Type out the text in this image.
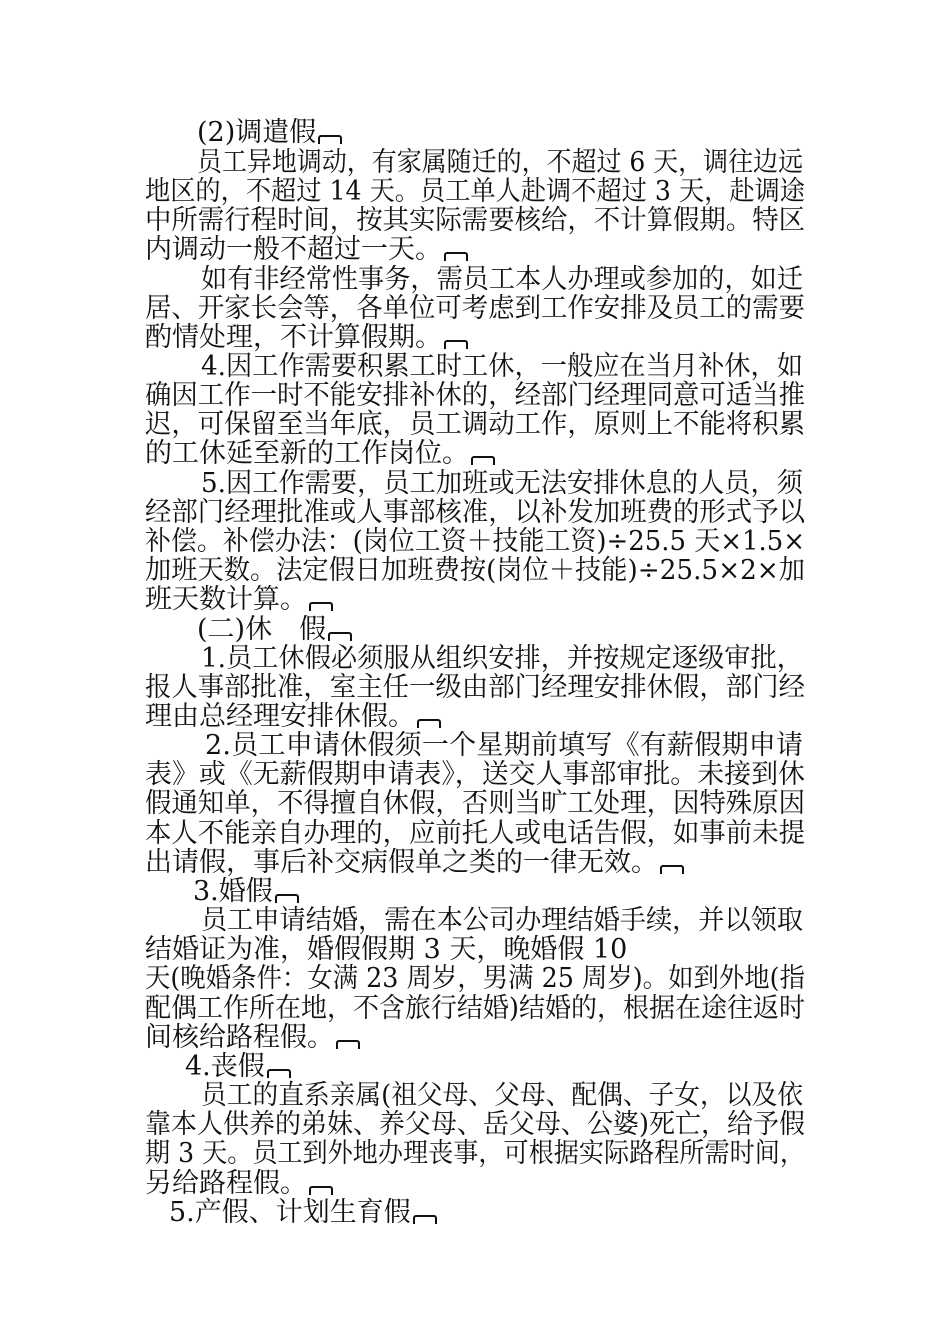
(2)调遣假
员工异地调动，有家属随迁的，不超过 6 天，调往边远
地区的，不超过 14 天。员工单人赴调不超过 3 天，赴调途
中所需行程时间，按其实际需要核给，不计算假期。特区
内调动一般不超过一天。
如有非经常性事务，需员工本人办理或参加的，如迁
居、开家长会等，各单位可考虑到工作安排及员工的需要
酌情处理，不计算假期。
4.因工作需要积累工时工休，一般应在当月补休，如
确因工作一时不能安排补休的，经部门经理同意可适当推
迟，可保留至当年底，员工调动工作，原则上不能将积累
的工休延至新的工作岗位。
5.因工作需要，员工加班或无法安排休息的人员，须
经部门经理批准或人事部核准，以补发加班费的形式予以
补偿。补偿办法：(岗位工资＋技能工资)÷25.5 天×1.5×
加班天数。法定假日加班费按(岗位＋技能)÷25.5×2×加
班天数计算。
(二)休　假
1.员工休假必须服从组织安排，并按规定逐级审批，
报人事部批准，室主任一级由部门经理安排休假，部门经
理由总经理安排休假。
2.员工申请休假须一个星期前填写《有薪假期申请
表》或《无薪假期申请表》，送交人事部审批。未接到休
假通知单，不得擅自休假，否则当旷工处理，因特殊原因
本人不能亲自办理的，应前托人或电话告假，如事前未提
出请假，事后补交病假单之类的一律无效。
3.婚假
员工申请结婚，需在本公司办理结婚手续，并以领取
结婚证为准，婚假假期 3 天，晚婚假 10
天(晚婚条件：女满 23 周岁，男满 25 周岁)。如到外地(指
配偶工作所在地，不含旅行结婚)结婚的，根据在途往返时
间核给路程假。
4.丧假
员工的直系亲属(祖父母、父母、配偶、子女，以及依
靠本人供养的弟妹、养父母、岳父母、公婆)死亡，给予假
期 3 天。员工到外地办理丧事，可根据实际路程所需时间，
另给路程假。
5.产假、计划生育假
